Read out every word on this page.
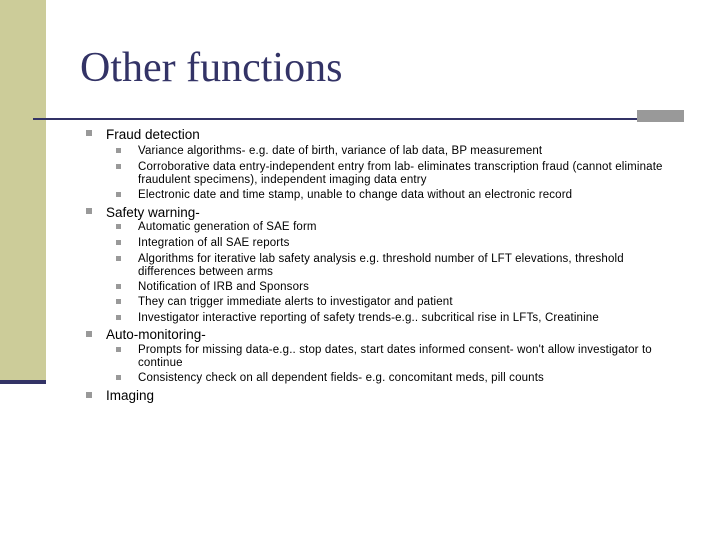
Other functions
Fraud detection
Variance algorithms- e.g. date of birth, variance of lab data, BP measurement
Corroborative data entry-independent entry from lab- eliminates transcription fraud (cannot eliminate fraudulent specimens), independent imaging data entry
Electronic date and time stamp, unable to change data without an electronic record
Safety warning-
Automatic generation of SAE form
Integration of all SAE reports
Algorithms for iterative lab safety analysis e.g. threshold number of LFT elevations, threshold differences between arms
Notification of IRB and Sponsors
They can trigger immediate alerts to investigator and patient
Investigator interactive reporting of safety trends-e.g.. subcritical rise in LFTs, Creatinine
Auto-monitoring-
Prompts for missing data-e.g.. stop dates, start dates informed consent- won't allow investigator to continue
Consistency check on all dependent fields- e.g. concomitant meds, pill counts
Imaging
